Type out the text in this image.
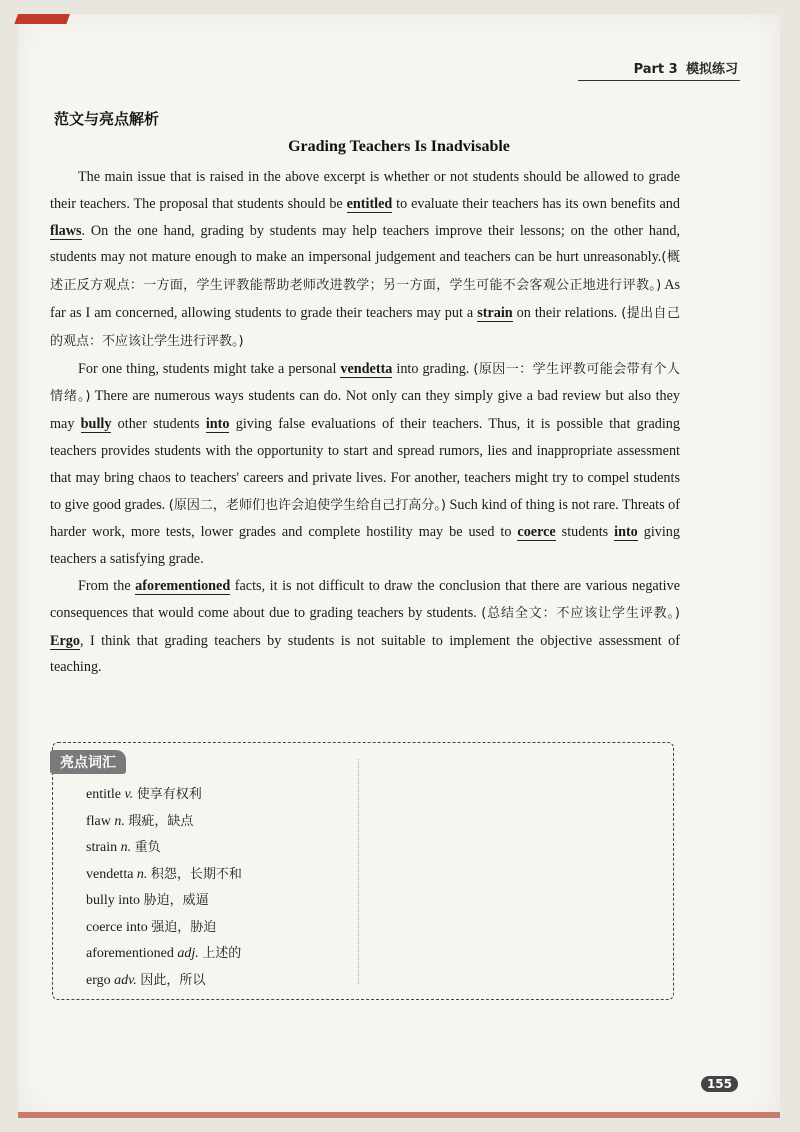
Part 3 模拟练习
范文与亮点解析
Grading Teachers Is Inadvisable

The main issue that is raised in the above excerpt is whether or not students should be allowed to grade their teachers. The proposal that students should be entitled to evaluate their teachers has its own benefits and flaws. On the one hand, grading by students may help teachers improve their lessons; on the other hand, students may not mature enough to make an impersonal judgement and teachers can be hurt unreasonably.(概述正反方观点：一方面，学生评教能帮助老师改进教学；另一方面，学生可能不会客观公正地进行评教。) As far as I am concerned, allowing students to grade their teachers may put a strain on their relations. (提出自己的观点：不应该让学生进行评教。)

For one thing, students might take a personal vendetta into grading. (原因一：学生评教可能会带有个人情绪。) There are numerous ways students can do. Not only can they simply give a bad review but also they may bully other students into giving false evaluations of their teachers. Thus, it is possible that grading teachers provides students with the opportunity to start and spread rumors, lies and inappropriate assessment that may bring chaos to teachers' careers and private lives. For another, teachers might try to compel students to give good grades. (原因二，老师们也许会迫使学生给自己打高分。) Such kind of thing is not rare. Threats of harder work, more tests, lower grades and complete hostility may be used to coerce students into giving teachers a satisfying grade.

From the aforementioned facts, it is not difficult to draw the conclusion that there are various negative consequences that would come about due to grading teachers by students. (总结全文：不应该让学生评教。) Ergo, I think that grading teachers by students is not suitable to implement the objective assessment of teaching.

亮点词汇
entitle v. 使享有权利
flaw n. 瑕疵，缺点
strain n. 重负
vendetta n. 积怨，长期不和
bully into 胁迫，威逼
coerce into 强迫，胁迫
aforementioned adj. 上述的
ergo adv. 因此，所以
155
